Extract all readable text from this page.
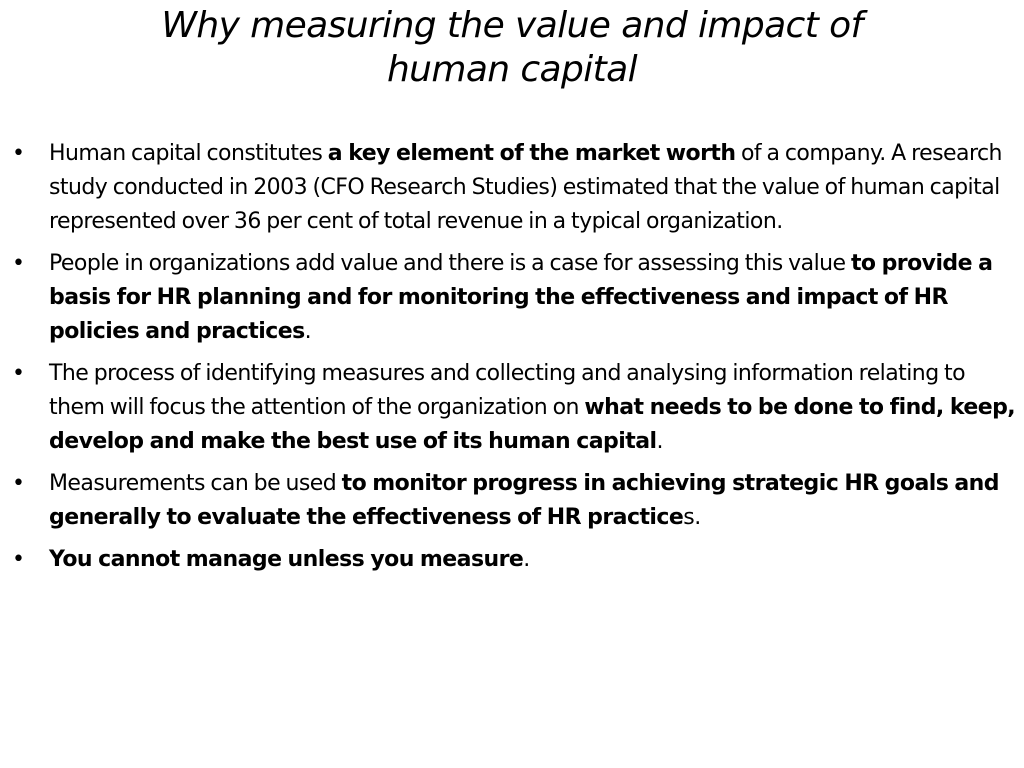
Why measuring the value and impact of
human capital
• Human capital constitutes a key element of the market worth of a company. A research study conducted in 2003 (CFO Research Studies) estimated that the value of human capital represented over 36 per cent of total revenue in a typical organization.
• People in organizations add value and there is a case for assessing this value to provide a basis for HR planning and for monitoring the effectiveness and impact of HR policies and practices.
• The process of identifying measures and collecting and analysing information relating to them will focus the attention of the organization on what needs to be done to find, keep, develop and make the best use of its human capital.
• Measurements can be used to monitor progress in achieving strategic HR goals and generally to evaluate the effectiveness of HR practices.
• You cannot manage unless you measure.
